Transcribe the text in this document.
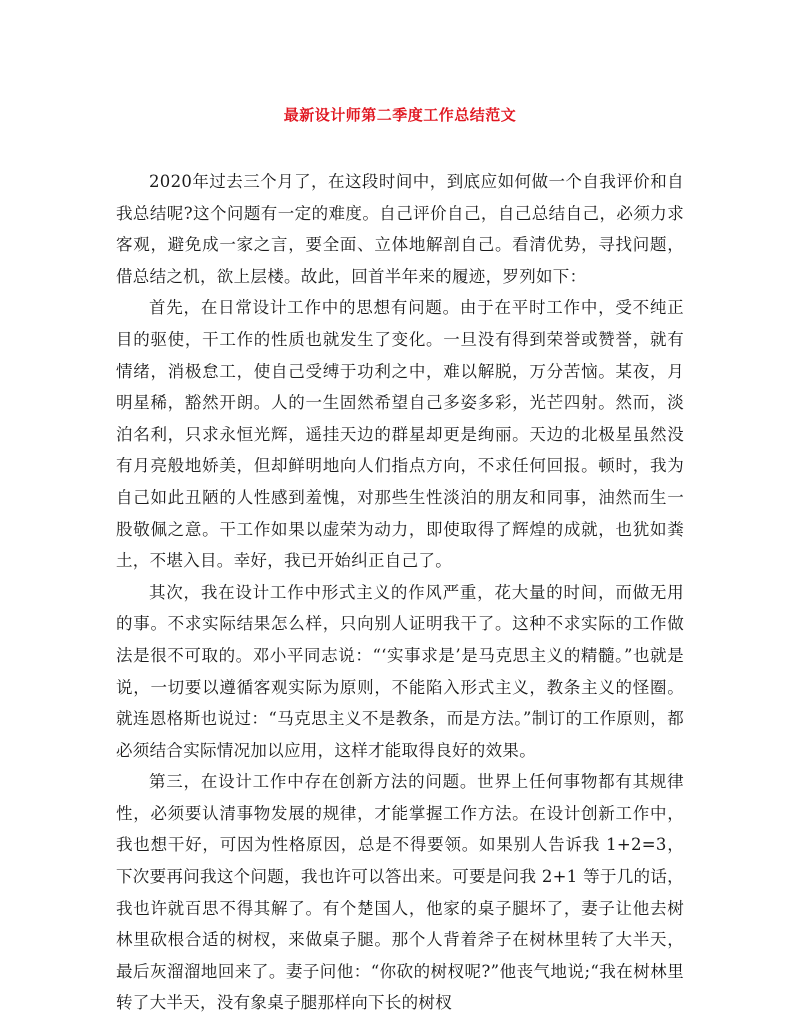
最新设计师第二季度工作总结范文

2020年过去三个月了，在这段时间中，到底应如何做一个自我评价和自我总结呢?这个问题有一定的难度。自己评价自己，自己总结自己，必须力求客观，避免成一家之言，要全面、立体地解剖自己。看清优势，寻找问题，借总结之机，欲上层楼。故此，回首半年来的履迹，罗列如下：

首先，在日常设计工作中的思想有问题。由于在平时工作中，受不纯正目的驱使，干工作的性质也就发生了变化。一旦没有得到荣誉或赞誉，就有情绪，消极怠工，使自己受缚于功利之中，难以解脱，万分苦恼。某夜，月明星稀，豁然开朗。人的一生固然希望自己多姿多彩，光芒四射。然而，淡泊名利，只求永恒光辉，遥挂天边的群星却更是绚丽。天边的北极星虽然没有月亮般地娇美，但却鲜明地向人们指点方向，不求任何回报。顿时，我为自己如此丑陋的人性感到羞愧，对那些生性淡泊的朋友和同事，油然而生一股敬佩之意。干工作如果以虚荣为动力，即使取得了辉煌的成就，也犹如粪土，不堪入目。幸好，我已开始纠正自己了。

其次，我在设计工作中形式主义的作风严重，花大量的时间，而做无用的事。不求实际结果怎么样，只向别人证明我干了。这种不求实际的工作做法是很不可取的。邓小平同志说：“‘实事求是’是马克思主义的精髓。”也就是说，一切要以遵循客观实际为原则，不能陷入形式主义，教条主义的怪圈。就连恩格斯也说过：“马克思主义不是教条，而是方法。”制订的工作原则，都必须结合实际情况加以应用，这样才能取得良好的效果。

第三，在设计工作中存在创新方法的问题。世界上任何事物都有其规律性，必须要认清事物发展的规律，才能掌握工作方法。在设计创新工作中，我也想干好，可因为性格原因，总是不得要领。如果别人告诉我 1+2=3，下次要再问我这个问题，我也许可以答出来。可要是问我 2+1 等于几的话，我也许就百思不得其解了。有个楚国人，他家的桌子腿坏了，妻子让他去树林里砍根合适的树杈，来做桌子腿。那个人背着斧子在树林里转了大半天，最后灰溜溜地回来了。妻子问他：“你砍的树杈呢?”他丧气地说;“我在树林里转了大半天，没有象桌子腿那样向下长的树杈
